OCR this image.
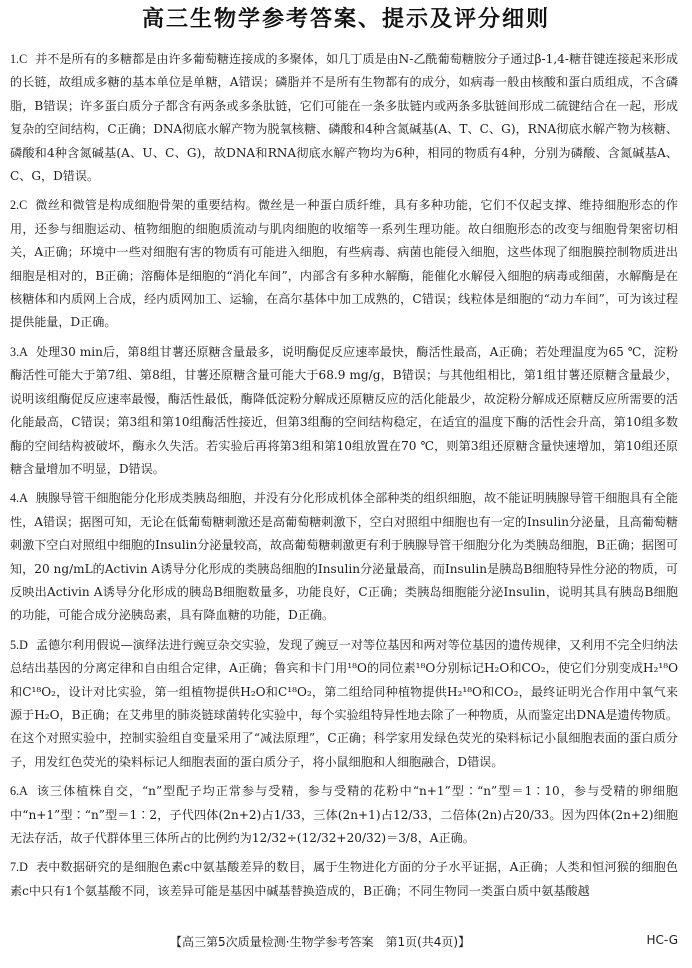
高三生物学参考答案、提示及评分细则

1.C 并不是所有的多糖都是由许多葡萄糖连接成的多聚体，如几丁质是由N-乙酰葡萄糖胺分子通过β-1,4-糖苷键连接起来形成的长链，故组成多糖的基本单位是单糖，A错误；磷脂并不是所有生物都有的成分，如病毒一般由核酸和蛋白质组成，不含磷脂，B错误；许多蛋白质分子都含有两条或多条肽链，它们可能在一条多肽链内或两条多肽链间形成二硫键结合在一起，形成复杂的空间结构，C正确；DNA彻底水解产物为脱氧核糖、磷酸和4种含氮碱基(A、T、C、G)，RNA彻底水解产物为核糖、磷酸和4种含氮碱基(A、U、C、G)，故DNA和RNA彻底水解产物均为6种，相同的物质有4种，分别为磷酸、含氮碱基A、C、G，D错误。

2.C 微丝和微管是构成细胞骨架的重要结构。微丝是一种蛋白质纤维，具有多种功能，它们不仅起支撑、维持细胞形态的作用，还参与细胞运动、植物细胞的细胞质流动与肌肉细胞的收缩等一系列生理功能。故白细胞形态的改变与细胞骨架密切相关，A正确；环境中一些对细胞有害的物质有可能进入细胞，有些病毒、病菌也能侵入细胞，这些体现了细胞膜控制物质进出细胞是相对的，B正确；溶酶体是细胞的“消化车间”，内部含有多种水解酶，能催化水解侵入细胞的病毒或细菌，水解酶是在核糖体和内质网上合成，经内质网加工、运输，在高尔基体中加工成熟的，C错误；线粒体是细胞的“动力车间”，可为该过程提供能量，D正确。

3.A 处理30 min后，第8组甘薯还原糖含量最多，说明酶促反应速率最快，酶活性最高，A正确；若处理温度为65 ℃，淀粉酶活性可能大于第7组、第8组，甘薯还原糖含量可能大于68.9 mg/g，B错误；与其他组相比，第1组甘薯还原糖含量最少，说明该组酶促反应速率最慢，酶活性最低，酶降低淀粉分解成还原糖反应的活化能最少，故淀粉分解成还原糖反应所需要的活化能最高，C错误；第3组和第10组酶活性接近，但第3组酶的空间结构稳定，在适宜的温度下酶的活性会升高，第10组多数酶的空间结构被破坏，酶永久失活。若实验后再将第3组和第10组放置在70 ℃，则第3组还原糖含量快速增加，第10组还原糖含量增加不明显，D错误。

4.A 胰腺导管干细胞能分化形成类胰岛细胞，并没有分化形成机体全部种类的组织细胞，故不能证明胰腺导管干细胞具有全能性，A错误；据图可知，无论在低葡萄糖刺激还是高葡萄糖刺激下，空白对照组中细胞也有一定的Insulin分泌量，且高葡萄糖刺激下空白对照组中细胞的Insulin分泌量较高，故高葡萄糖刺激更有利于胰腺导管干细胞分化为类胰岛细胞，B正确；据图可知，20 ng/mL的Activin A诱导分化形成的类胰岛细胞的Insulin分泌量最高，而Insulin是胰岛B细胞特异性分泌的物质，可反映出Activin A诱导分化形成的胰岛B细胞数量多，功能良好，C正确；类胰岛细胞能分泌Insulin，说明其具有胰岛B细胞的功能，可能合成分泌胰岛素，具有降血糖的功能，D正确。

5.D 孟德尔利用假说—演绎法进行豌豆杂交实验，发现了豌豆一对等位基因和两对等位基因的遗传规律，又利用不完全归纳法总结出基因的分离定律和自由组合定律，A正确；鲁宾和卡门用¹⁸O的同位素¹⁸O分别标记H₂O和CO₂，使它们分别变成H₂¹⁸O和C¹⁸O₂，设计对比实验，第一组植物提供H₂O和C¹⁸O₂，第二组给同种植物提供H₂¹⁸O和CO₂，最终证明光合作用中氧气来源于H₂O，B正确；在艾弗里的肺炎链球菌转化实验中，每个实验组特异性地去除了一种物质，从而鉴定出DNA是遗传物质。在这个对照实验中，控制实验组自变量采用了“减法原理”，C正确；科学家用发绿色荧光的染料标记小鼠细胞表面的蛋白质分子，用发红色荧光的染料标记人细胞表面的蛋白质分子，将小鼠细胞和人细胞融合，D错误。

6.A 该三体植株自交，“n”型配子均正常参与受精，参与受精的花粉中“n+1”型∶“n”型＝1∶10，参与受精的卵细胞中“n+1”型∶“n”型＝1∶2，子代四体(2n+2)占1/33，三体(2n+1)占12/33，二倍体(2n)占20/33。因为四体(2n+2)细胞无法存活，故子代群体里三体所占的比例约为12/32÷(12/32+20/32)＝3/8，A正确。

7.D 表中数据研究的是细胞色素c中氨基酸差异的数目，属于生物进化方面的分子水平证据，A正确；人类和恒河猴的细胞色素c中只有1个氨基酸不同，该差异可能是基因中碱基替换造成的，B正确；不同生物同一类蛋白质中氨基酸越

【高三第5次质量检测·生物学参考答案　第1页(共4页)】	HC-G
